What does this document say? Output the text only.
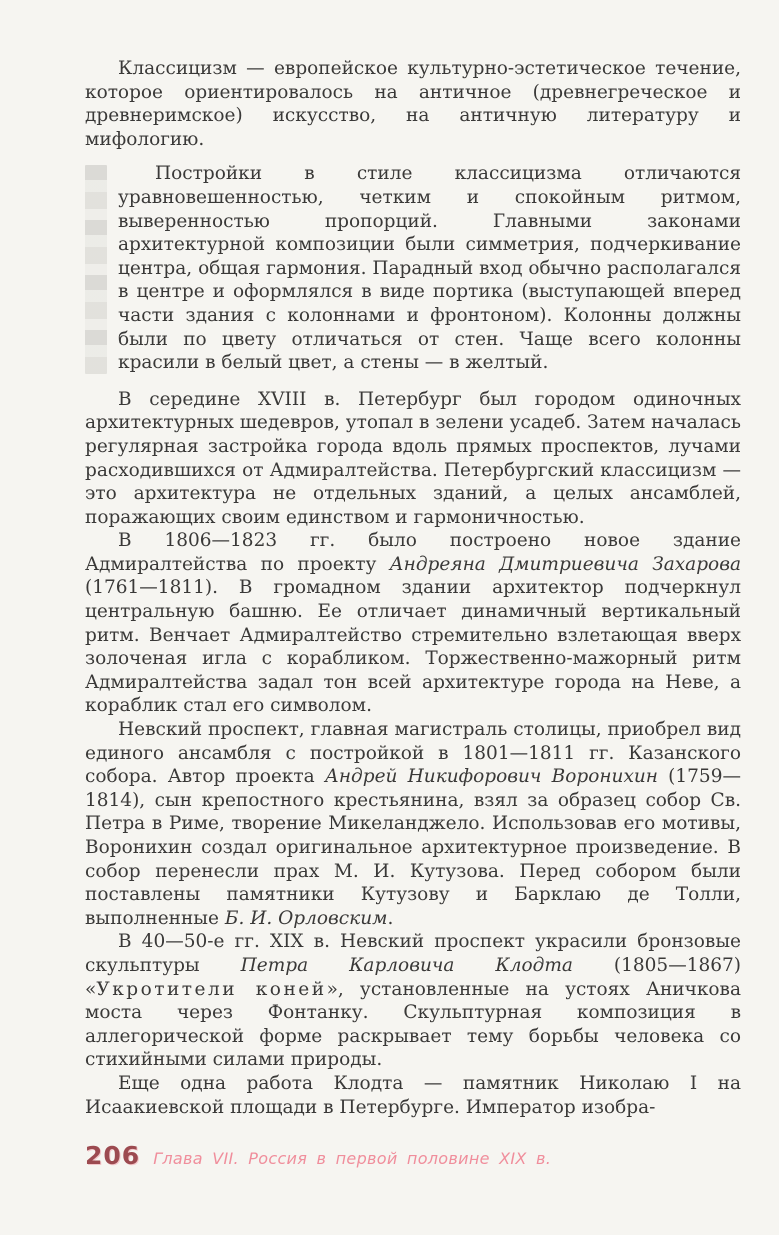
Классицизм — европейское культурно-эстетическое течение, которое ориентировалось на античное (древнегреческое и древнеримское) искусство, на античную литературу и мифологию.

Постройки в стиле классицизма отличаются уравновешенностью, четким и спокойным ритмом, выверенностью пропорций. Главными законами архитектурной композиции были симметрия, подчеркивание центра, общая гармония. Парадный вход обычно располагался в центре и оформлялся в виде портика (выступающей вперед части здания с колоннами и фронтоном). Колонны должны были по цвету отличаться от стен. Чаще всего колонны красили в белый цвет, а стены — в желтый.

В середине XVIII в. Петербург был городом одиночных архитектурных шедевров, утопал в зелени усадеб. Затем началась регулярная застройка города вдоль прямых проспектов, лучами расходившихся от Адмиралтейства. Петербургский классицизм — это архитектура не отдельных зданий, а целых ансамблей, поражающих своим единством и гармоничностью.

В 1806—1823 гг. было построено новое здание Адмиралтейства по проекту Андреяна Дмитриевича Захарова (1761—1811). В громадном здании архитектор подчеркнул центральную башню. Ее отличает динамичный вертикальный ритм. Венчает Адмиралтейство стремительно взлетающая вверх золоченая игла с корабликом. Торжественно-мажорный ритм Адмиралтейства задал тон всей архитектуре города на Неве, а кораблик стал его символом.

Невский проспект, главная магистраль столицы, приобрел вид единого ансамбля с постройкой в 1801—1811 гг. Казанского собора. Автор проекта Андрей Никифорович Воронихин (1759—1814), сын крепостного крестьянина, взял за образец собор Св. Петра в Риме, творение Микеланджело. Использовав его мотивы, Воронихин создал оригинальное архитектурное произведение. В собор перенесли прах М. И. Кутузова. Перед собором были поставлены памятники Кутузову и Барклаю де Толли, выполненные Б. И. Орловским.

В 40—50-е гг. XIX в. Невский проспект украсили бронзовые скульптуры Петра Карловича Клодта (1805—1867) «Укротители коней», установленные на устоях Аничкова моста через Фонтанку. Скульптурная композиция в аллегорической форме раскрывает тему борьбы человека со стихийными силами природы.

Еще одна работа Клодта — памятник Николаю I на Исаакиевской площади в Петербурге. Император изобра-

206 Глава VII. Россия в первой половине XIX в.
